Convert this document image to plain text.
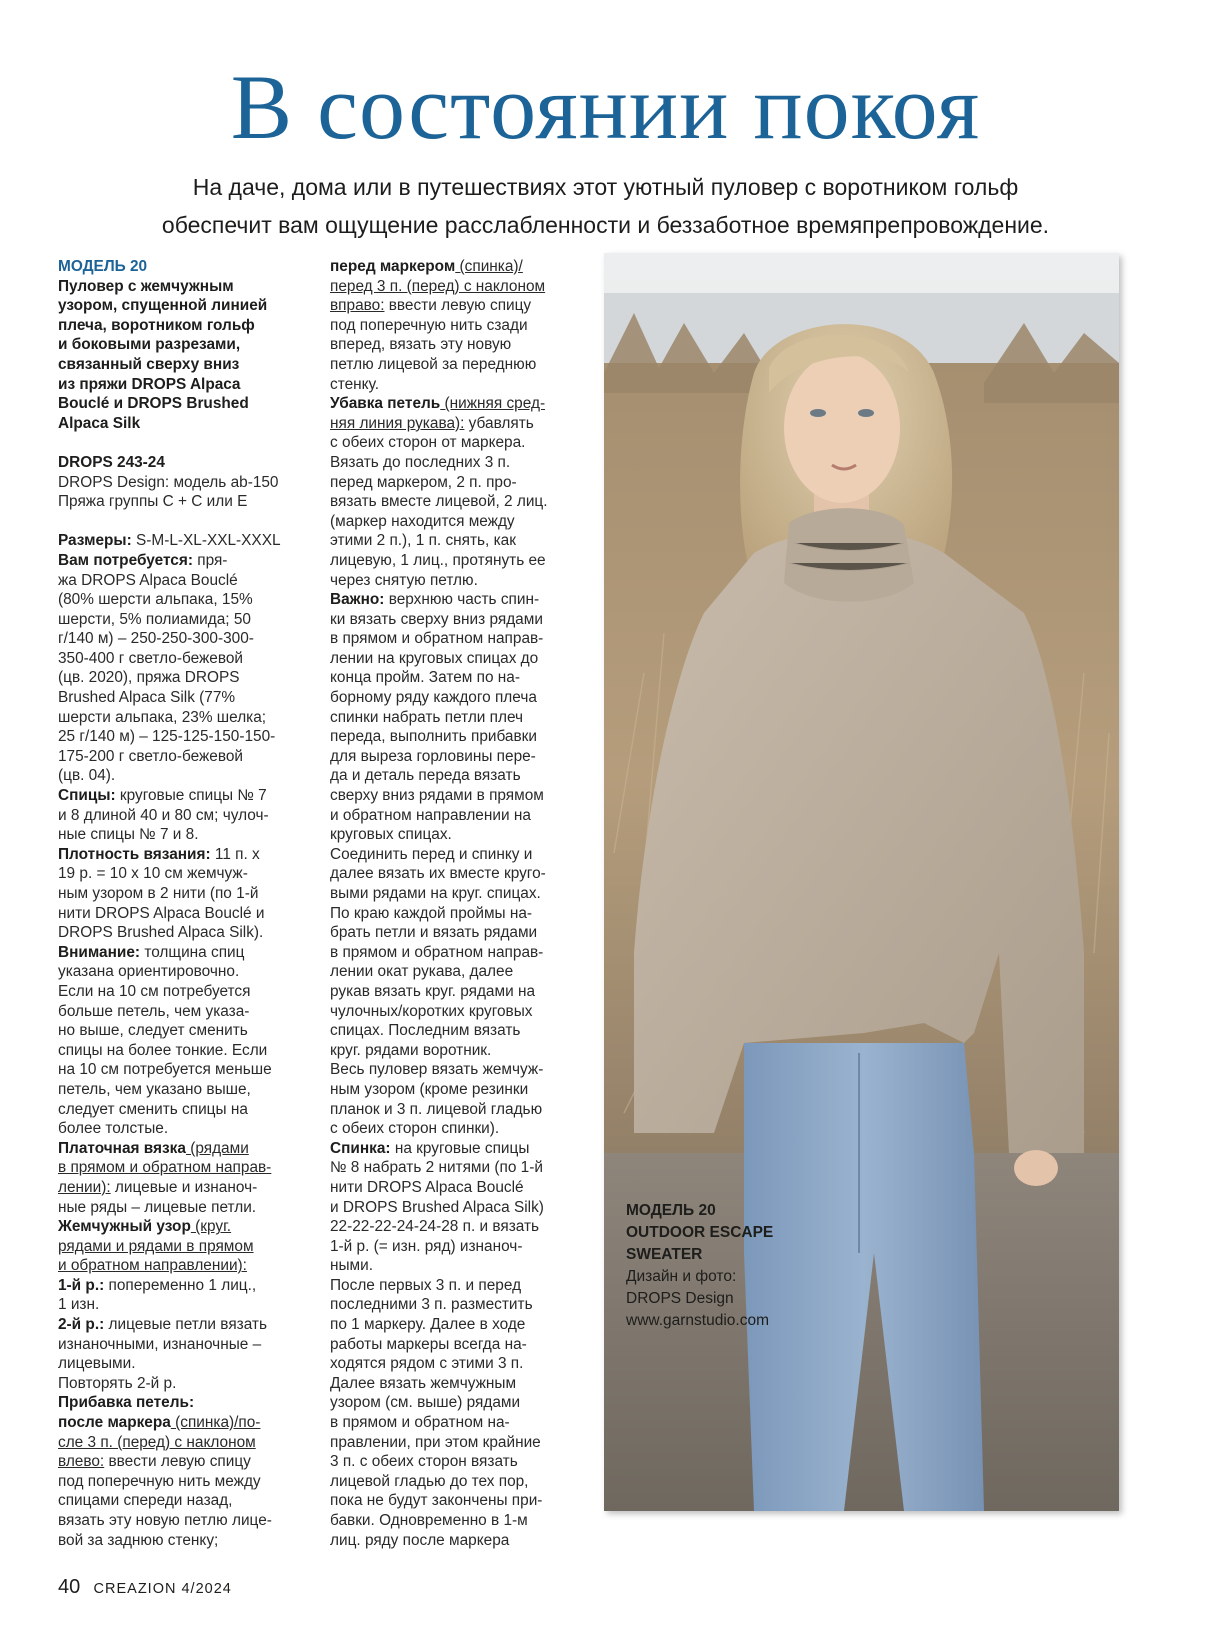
В состоянии покоя
На даче, дома или в путешествиях этот уютный пуловер с воротником гольф
обеспечит вам ощущение расслабленности и беззаботное времяпрепровождение.

МОДЕЛЬ 20

Пуловер с жемчужным
узором, спущенной линией
плеча, воротником гольф
и боковыми разрезами,
связанный сверху вниз
из пряжи DROPS Alpaca
Bouclé и DROPS Brushed
Alpaca Silk

DROPS 243-24

DROPS Design: модель ab-150
Пряжа группы C + C или E

Размеры: S-M-L-XL-XXL-XXXL

Вам потребуется: пря-
жа DROPS Alpaca Bouclé
(80% шерсти альпака, 15%
шерсти, 5% полиамида; 50
г/140 м) – 250-250-300-300-
350-400 г светло-бежевой
(цв. 2020), пряжа DROPS
Brushed Alpaca Silk (77%
шерсти альпака, 23% шелка;
25 г/140 м) – 125-125-150-150-
175-200 г светло-бежевой
(цв. 04).

Спицы: круговые спицы № 7
и 8 длиной 40 и 80 см; чулоч-
ные спицы № 7 и 8.

Плотность вязания: 11 п. х
19 р. = 10 х 10 см жемчуж-
ным узором в 2 нити (по 1-й
нити DROPS Alpaca Bouclé и
DROPS Brushed Alpaca Silk).

Внимание: толщина спиц
указана ориентировочно.
Если на 10 см потребуется
больше петель, чем указа-
но выше, следует сменить
спицы на более тонкие. Если
на 10 см потребуется меньше
петель, чем указано выше,
следует сменить спицы на
более толстые.

Платочная вязка (рядами
в прямом и обратном направ-
лении): лицевые и изнаноч-
ные ряды – лицевые петли.

Жемчужный узор (круг.
рядами и рядами в прямом
и обратном направлении):

1-й р.: попеременно 1 лиц.,
1 изн.

2-й р.: лицевые петли вязать
изнаночными, изнаночные –
лицевыми.
Повторять 2-й р.

Прибавка петель:
после маркера (спинка)/по-
сле 3 п. (перед) с наклоном
влево: ввести левую спицу
под поперечную нить между
спицами спереди назад,
вязать эту новую петлю лице-
вой за заднюю стенку;

перед маркером (спинка)/
перед 3 п. (перед) с наклоном
вправо: ввести левую спицу
под поперечную нить сзади
вперед, вязать эту новую
петлю лицевой за переднюю
стенку.

Убавка петель (нижняя сред-
няя линия рукава): убавлять
с обеих сторон от маркера.
Вязать до последних 3 п.
перед маркером, 2 п. про-
вязать вместе лицевой, 2 лиц.
(маркер находится между
этими 2 п.), 1 п. снять, как
лицевую, 1 лиц., протянуть ее
через снятую петлю.

Важно: верхнюю часть спин-
ки вязать сверху вниз рядами
в прямом и обратном направ-
лении на круговых спицах до
конца пройм. Затем по на-
борному ряду каждого плеча
спинки набрать петли плеч
переда, выполнить прибавки
для выреза горловины пере-
да и деталь переда вязать
сверху вниз рядами в прямом
и обратном направлении на
круговых спицах.
Соединить перед и спинку и
далее вязать их вместе круго-
выми рядами на круг. спицах.
По краю каждой проймы на-
брать петли и вязать рядами
в прямом и обратном направ-
лении окат рукава, далее
рукав вязать круг. рядами на
чулочных/коротких круговых
спицах. Последним вязать
круг. рядами воротник.
Весь пуловер вязать жемчуж-
ным узором (кроме резинки
планок и 3 п. лицевой гладью
с обеих сторон спинки).

Спинка: на круговые спицы
№ 8 набрать 2 нитями (по 1-й
нити DROPS Alpaca Bouclé
и DROPS Brushed Alpaca Silk)
22-22-22-24-24-28 п. и вязать
1-й р. (= изн. ряд) изнаноч-
ными.
После первых 3 п. и перед
последними 3 п. разместить
по 1 маркеру. Далее в ходе
работы маркеры всегда на-
ходятся рядом с этими 3 п.
Далее вязать жемчужным
узором (см. выше) рядами
в прямом и обратном на-
правлении, при этом крайние
3 п. с обеих сторон вязать
лицевой гладью до тех пор,
пока не будут закончены при-
бавки. Одновременно в 1-м
лиц. ряду после маркера

МОДЕЛЬ 20
OUTDOOR ESCAPE
SWEATER
Дизайн и фото:
DROPS Design
www.garnstudio.com
40 CREAZION 4/2024
